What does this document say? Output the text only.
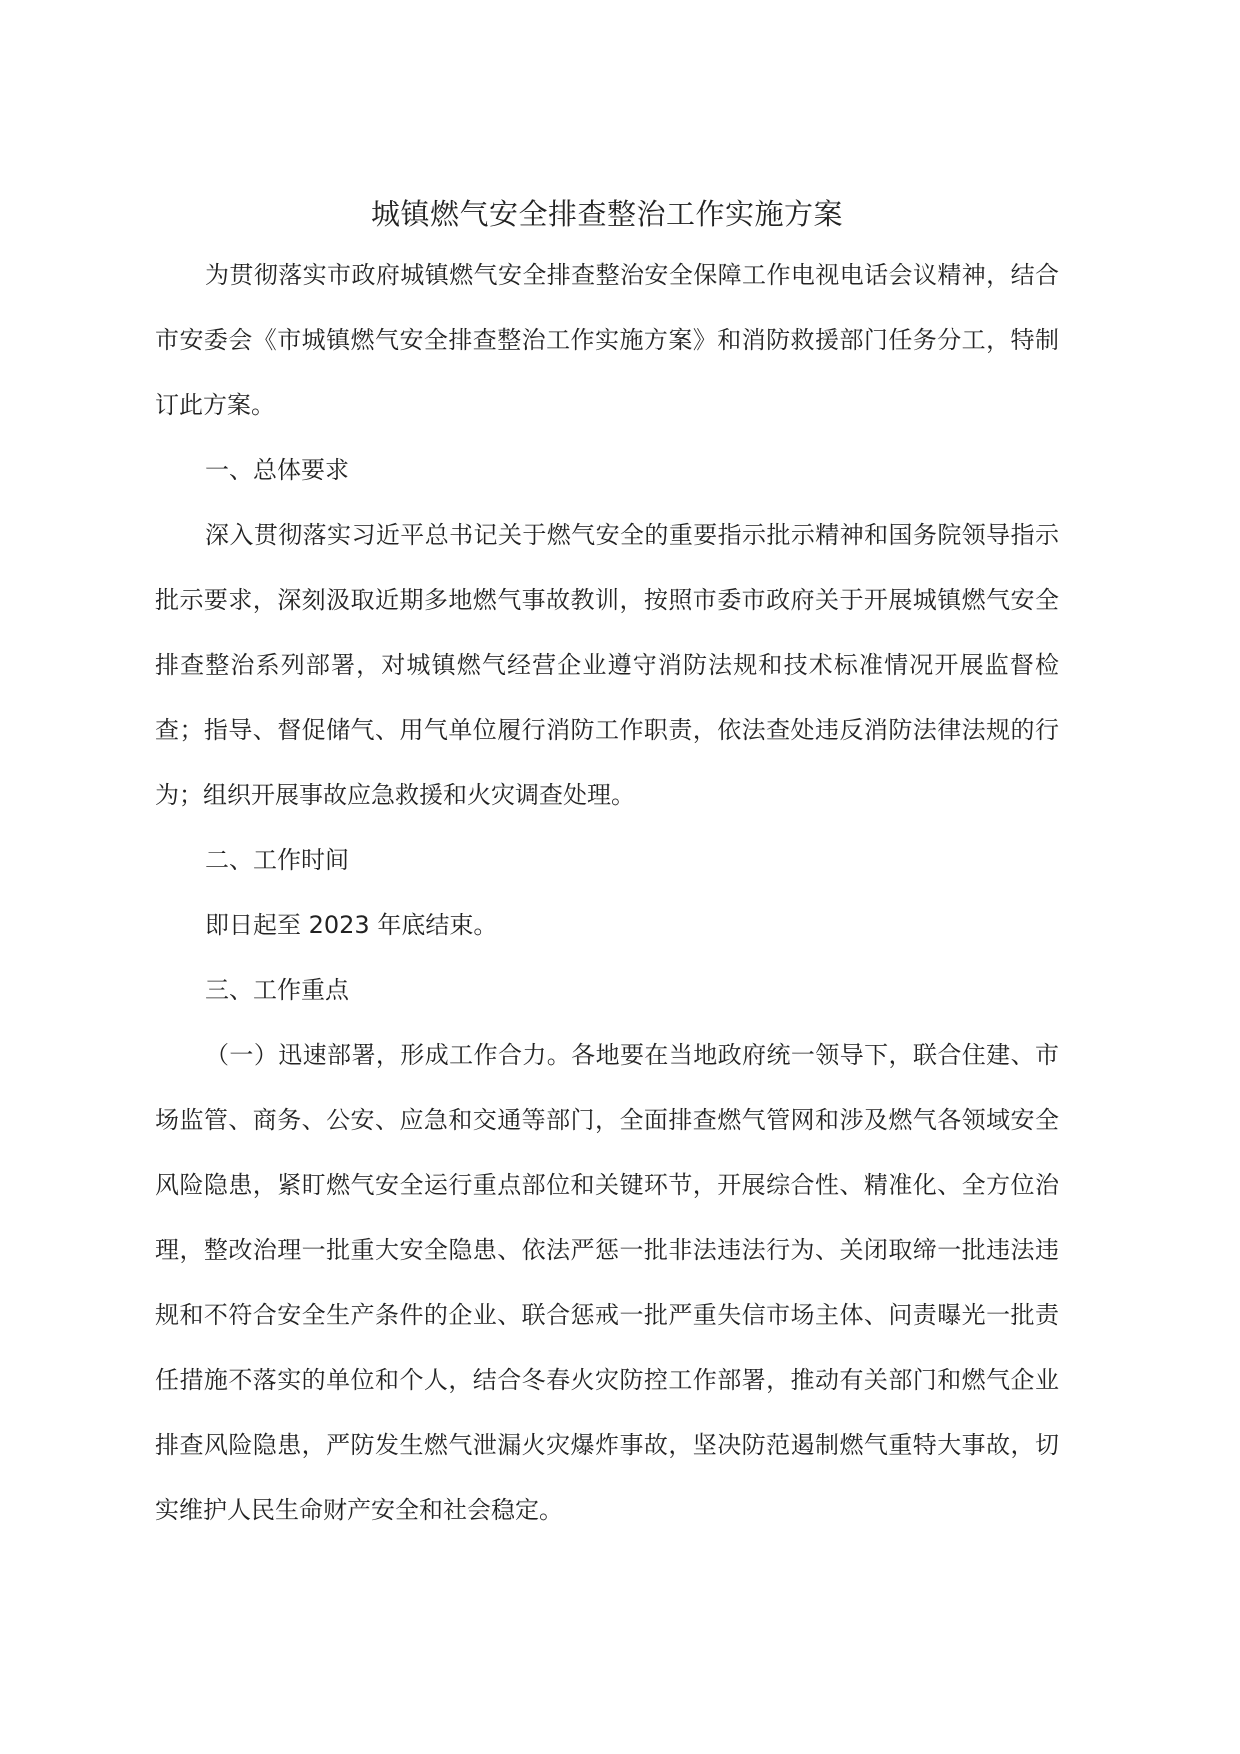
城镇燃气安全排查整治工作实施方案

为贯彻落实市政府城镇燃气安全排查整治安全保障工作电视电话会议精神，结合市安委会《市城镇燃气安全排查整治工作实施方案》和消防救援部门任务分工，特制订此方案。

一、总体要求

深入贯彻落实习近平总书记关于燃气安全的重要指示批示精神和国务院领导指示批示要求，深刻汲取近期多地燃气事故教训，按照市委市政府关于开展城镇燃气安全排查整治系列部署，对城镇燃气经营企业遵守消防法规和技术标准情况开展监督检查；指导、督促储气、用气单位履行消防工作职责，依法查处违反消防法律法规的行为；组织开展事故应急救援和火灾调查处理。

二、工作时间

即日起至 2023 年底结束。

三、工作重点

（一）迅速部署，形成工作合力。各地要在当地政府统一领导下，联合住建、市场监管、商务、公安、应急和交通等部门，全面排查燃气管网和涉及燃气各领域安全风险隐患，紧盯燃气安全运行重点部位和关键环节，开展综合性、精准化、全方位治理，整改治理一批重大安全隐患、依法严惩一批非法违法行为、关闭取缔一批违法违规和不符合安全生产条件的企业、联合惩戒一批严重失信市场主体、问责曝光一批责任措施不落实的单位和个人，结合冬春火灾防控工作部署，推动有关部门和燃气企业排查风险隐患，严防发生燃气泄漏火灾爆炸事故，坚决防范遏制燃气重特大事故，切实维护人民生命财产安全和社会稳定。
